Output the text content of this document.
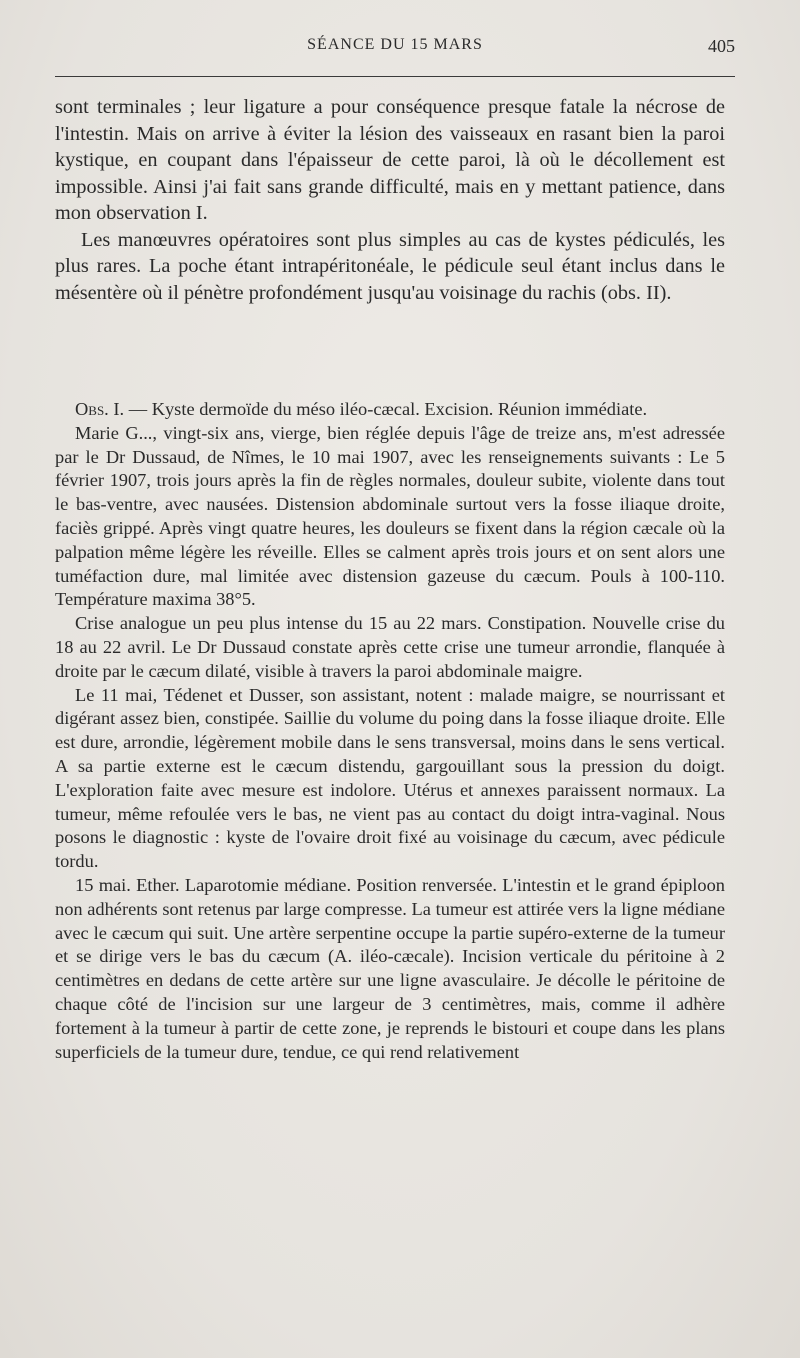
SÉANCE DU 15 MARS	405

sont terminales ; leur ligature a pour conséquence presque fatale la nécrose de l'intestin. Mais on arrive à éviter la lésion des vaisseaux en rasant bien la paroi kystique, en coupant dans l'épaisseur de cette paroi, là où le décollement est impossible. Ainsi j'ai fait sans grande difficulté, mais en y mettant patience, dans mon observation I.

Les manœuvres opératoires sont plus simples au cas de kystes pédiculés, les plus rares. La poche étant intrapéritonéale, le pédicule seul étant inclus dans le mésentère où il pénètre profondément jusqu'au voisinage du rachis (obs. II).

Obs. I. — Kyste dermoïde du méso iléo-cæcal. Excision. Réunion immédiate.

Marie G..., vingt-six ans, vierge, bien réglée depuis l'âge de treize ans, m'est adressée par le Dr Dussaud, de Nîmes, le 10 mai 1907, avec les renseignements suivants : Le 5 février 1907, trois jours après la fin de règles normales, douleur subite, violente dans tout le bas-ventre, avec nausées. Distension abdominale surtout vers la fosse iliaque droite, faciès grippé. Après vingt quatre heures, les douleurs se fixent dans la région cæcale où la palpation même légère les réveille. Elles se calment après trois jours et on sent alors une tuméfaction dure, mal limitée avec distension gazeuse du cæcum. Pouls à 100-110. Température maxima 38°5.

Crise analogue un peu plus intense du 15 au 22 mars. Constipation. Nouvelle crise du 18 au 22 avril. Le Dr Dussaud constate après cette crise une tumeur arrondie, flanquée à droite par le cæcum dilaté, visible à travers la paroi abdominale maigre.

Le 11 mai, Tédenet et Dusser, son assistant, notent : malade maigre, se nourrissant et digérant assez bien, constipée. Saillie du volume du poing dans la fosse iliaque droite. Elle est dure, arrondie, légèrement mobile dans le sens transversal, moins dans le sens vertical. A sa partie externe est le cæcum distendu, gargouillant sous la pression du doigt. L'exploration faite avec mesure est indolore. Utérus et annexes paraissent normaux. La tumeur, même refoulée vers le bas, ne vient pas au contact du doigt intra-vaginal. Nous posons le diagnostic : kyste de l'ovaire droit fixé au voisinage du cæcum, avec pédicule tordu.

15 mai. Ether. Laparotomie médiane. Position renversée. L'intestin et le grand épiploon non adhérents sont retenus par large compresse. La tumeur est attirée vers la ligne médiane avec le cæcum qui suit. Une artère serpentine occupe la partie supéro-externe de la tumeur et se dirige vers le bas du cæcum (A. iléo-cæcale). Incision verticale du péritoine à 2 centimètres en dedans de cette artère sur une ligne avasculaire. Je décolle le péritoine de chaque côté de l'incision sur une largeur de 3 centimètres, mais, comme il adhère fortement à la tumeur à partir de cette zone, je reprends le bistouri et coupe dans les plans superficiels de la tumeur dure, tendue, ce qui rend relativement
